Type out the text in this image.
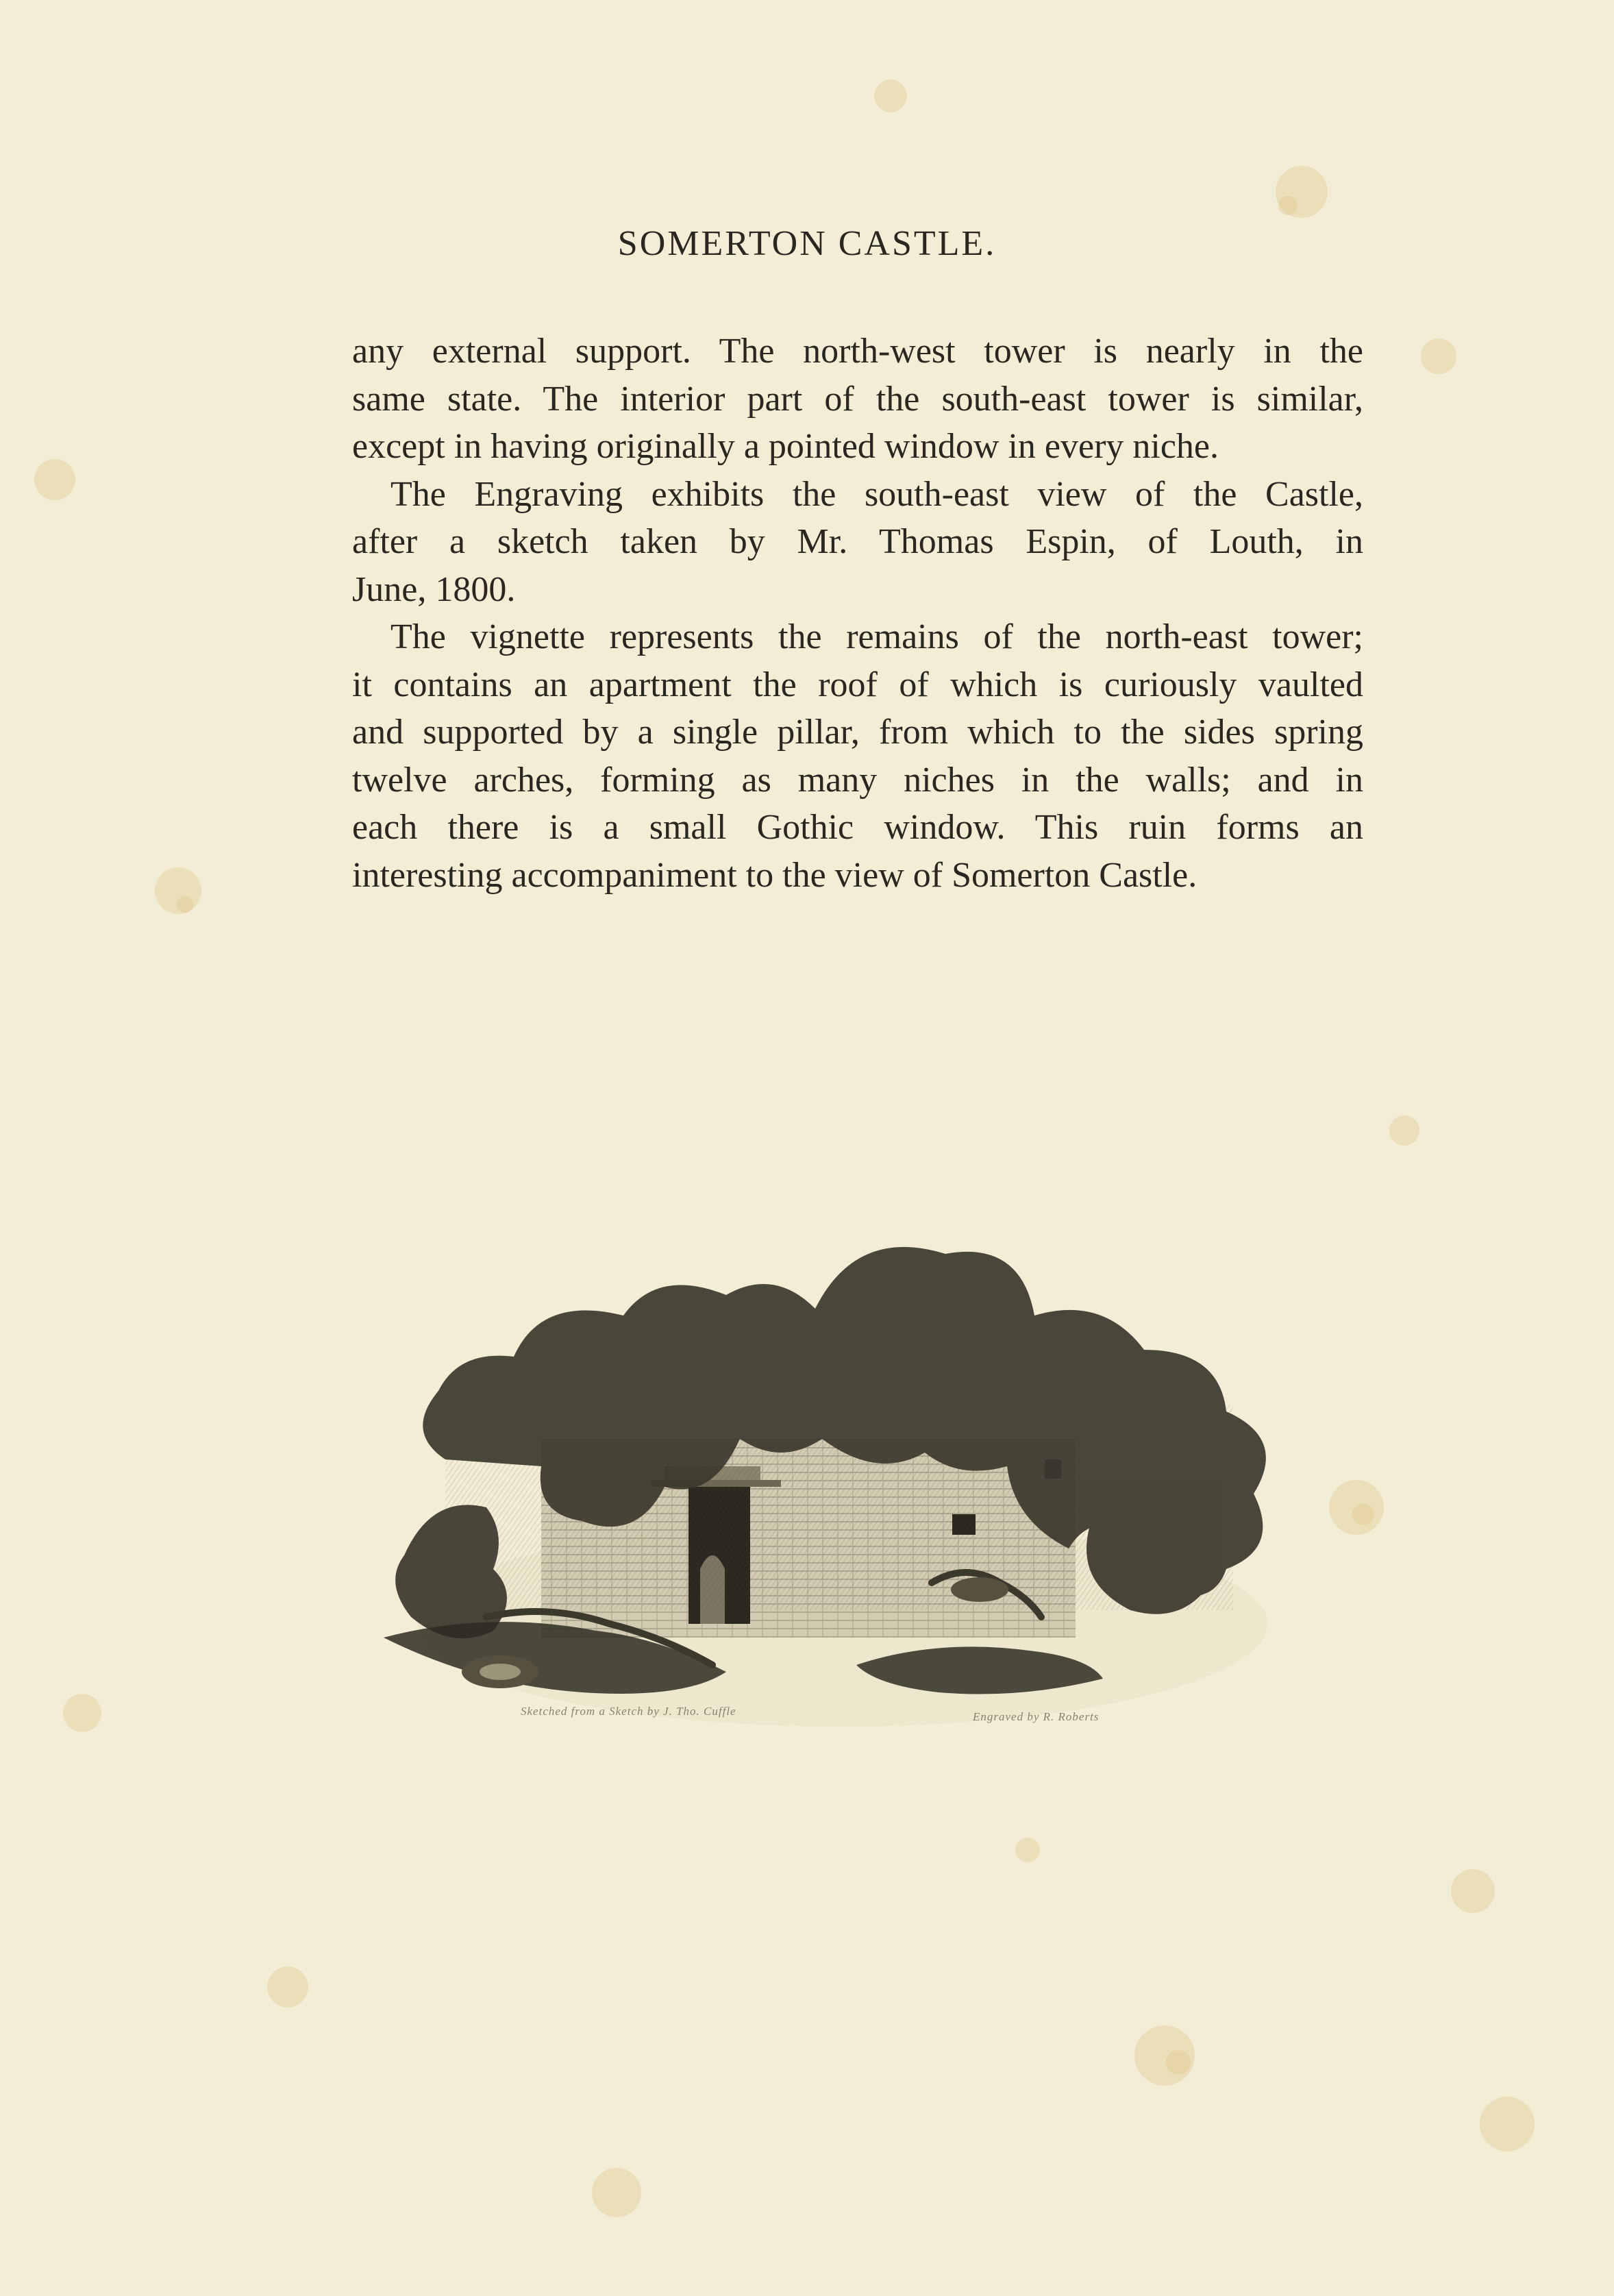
SOMERTON CASTLE.

any external support. The north-west tower is nearly in the
same state. The interior part of the south-east tower is similar,
except in having originally a pointed window in every niche.

The Engraving exhibits the south-east view of the Castle,
after a sketch taken by Mr. Thomas Espin, of Louth, in
June, 1800.

The vignette represents the remains of the north-east tower;
it contains an apartment the roof of which is curiously vaulted
and supported by a single pillar, from which to the sides spring
twelve arches, forming as many niches in the walls; and in
each there is a small Gothic window. This ruin forms an
interesting accompaniment to the view of Somerton Castle.

Sketched from a Sketch by J. Tho. Cuffle	Engraved by R. Roberts
